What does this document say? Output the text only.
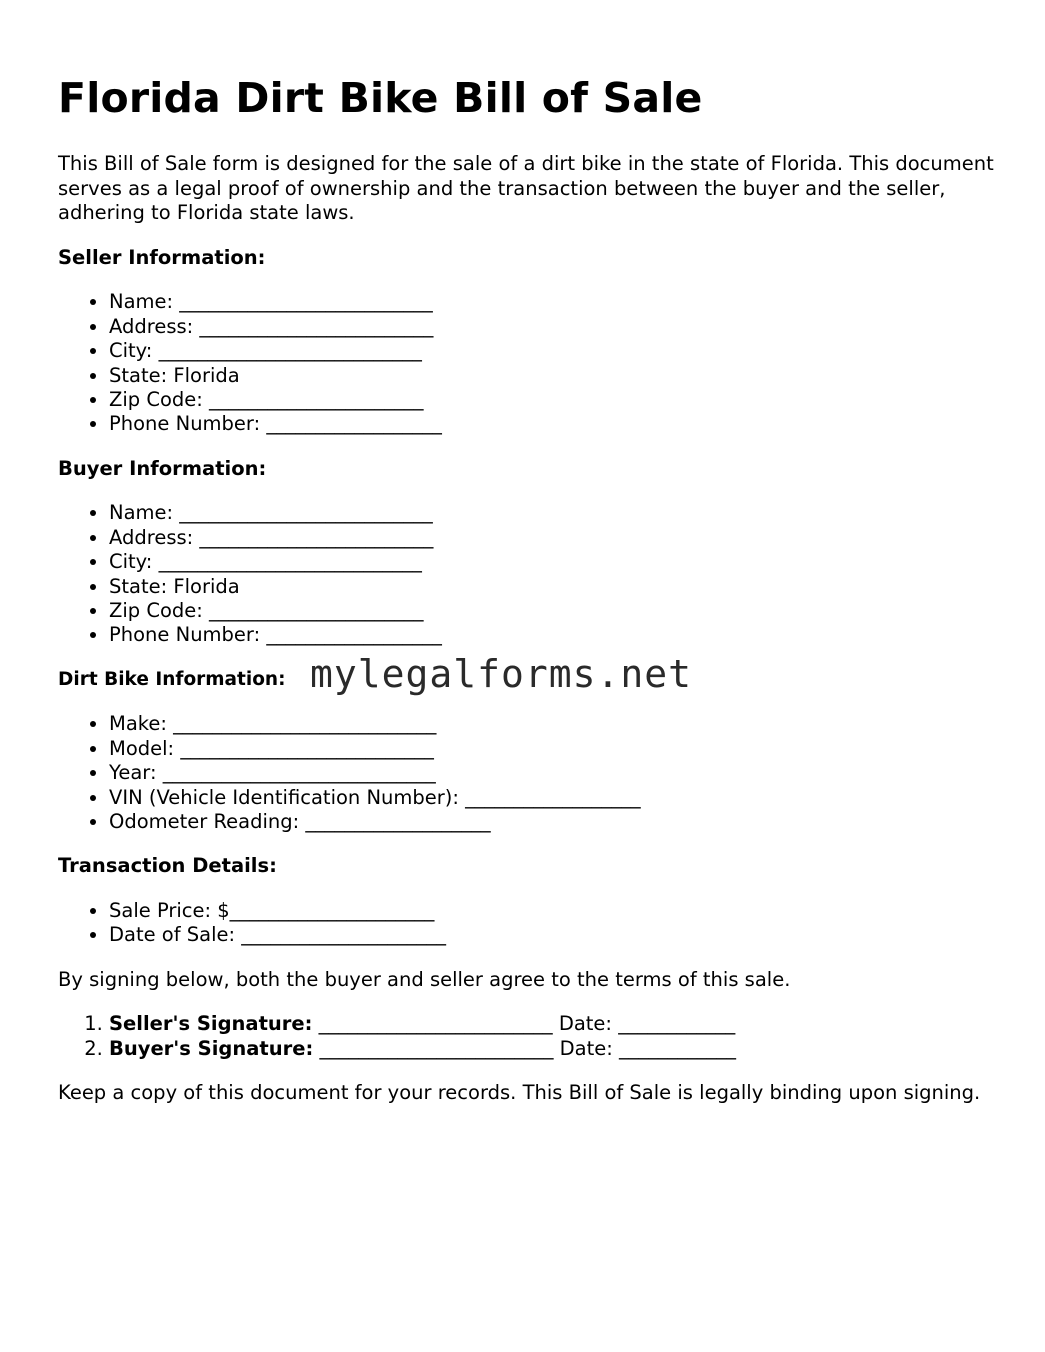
Florida Dirt Bike Bill of Sale

This Bill of Sale form is designed for the sale of a dirt bike in the state of Florida. This document serves as a legal proof of ownership and the transaction between the buyer and the seller, adhering to Florida state laws.

Seller Information:
• Name: __________________________
• Address: ________________________
• City: ___________________________
• State: Florida
• Zip Code: ______________________
• Phone Number: __________________
Buyer Information:
• Name: __________________________
• Address: ________________________
• City: ___________________________
• State: Florida
• Zip Code: ______________________
• Phone Number: __________________
Dirt Bike Information: mylegalforms.net
• Make: ___________________________
• Model: __________________________
• Year: ____________________________
• VIN (Vehicle Identification Number): __________________
• Odometer Reading: ___________________
Transaction Details:
• Sale Price: $_____________________
• Date of Sale: _____________________

By signing below, both the buyer and seller agree to the terms of this sale.

1. Seller's Signature: ________________________ Date: ____________
2. Buyer's Signature: ________________________ Date: ____________

Keep a copy of this document for your records. This Bill of Sale is legally binding upon signing.
